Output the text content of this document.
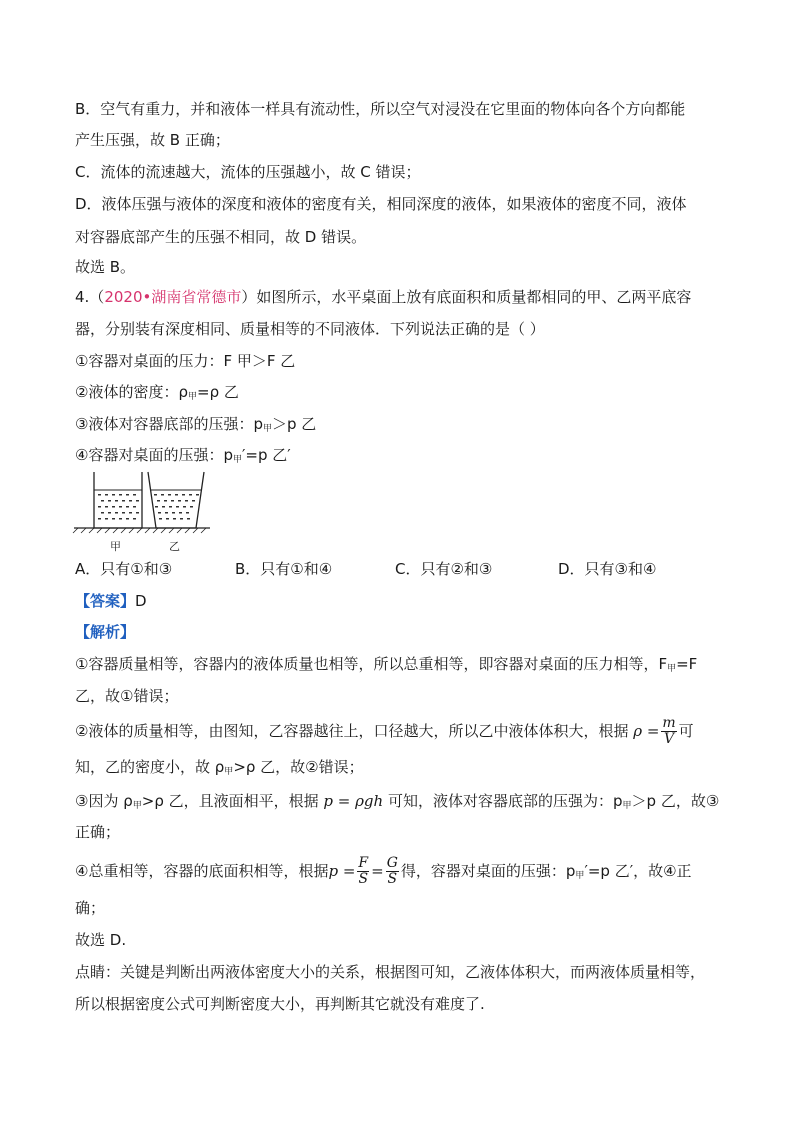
B．空气有重力，并和液体一样具有流动性，所以空气对浸没在它里面的物体向各个方向都能
产生压强，故 B 正确；
C．流体的流速越大，流体的压强越小，故 C 错误；
D．液体压强与液体的深度和液体的密度有关，相同深度的液体，如果液体的密度不同，液体
对容器底部产生的压强不相同，故 D 错误。
故选 B。
4.（2020•湖南省常德市）如图所示，水平桌面上放有底面积和质量都相同的甲、乙两平底容
器，分别装有深度相同、质量相等的不同液体．下列说法正确的是（ ）
①容器对桌面的压力：F 甲＞F 乙
②液体的密度：$\rho_甲=\rho$ 乙
③液体对容器底部的压强：$p_甲>p$ 乙
④容器对桌面的压强：$p_甲'=p$ 乙′
甲	乙
A．只有①和③	B．只有①和④	C．只有②和③	D．只有③和④
【答案】D
【解析】
①容器质量相等，容器内的液体质量也相等，所以总重相等，即容器对桌面的压力相等，$F_甲=F$
乙，故①错误；
②液体的质量相等，由图知，乙容器越往上，口径越大，所以乙中液体体积大，根据 $\rho = \frac{m}{V}$ 可
知，乙的密度小，故 $\rho_甲>\rho$ 乙，故②错误；
③因为 $\rho_甲>\rho$ 乙，且液面相平，根据 p = ρgh 可知，液体对容器底部的压强为：$p_甲>p$ 乙，故③
正确；
④总重相等，容器的底面积相等，根据$p = \frac{F}{S} = \frac{G}{S}$ 得，容器对桌面的压强：$p_甲'=p$ 乙′，故④正
确；
故选 D.
点睛：关键是判断出两液体密度大小的关系，根据图可知，乙液体体积大，而两液体质量相等，
所以根据密度公式可判断密度大小，再判断其它就没有难度了.
